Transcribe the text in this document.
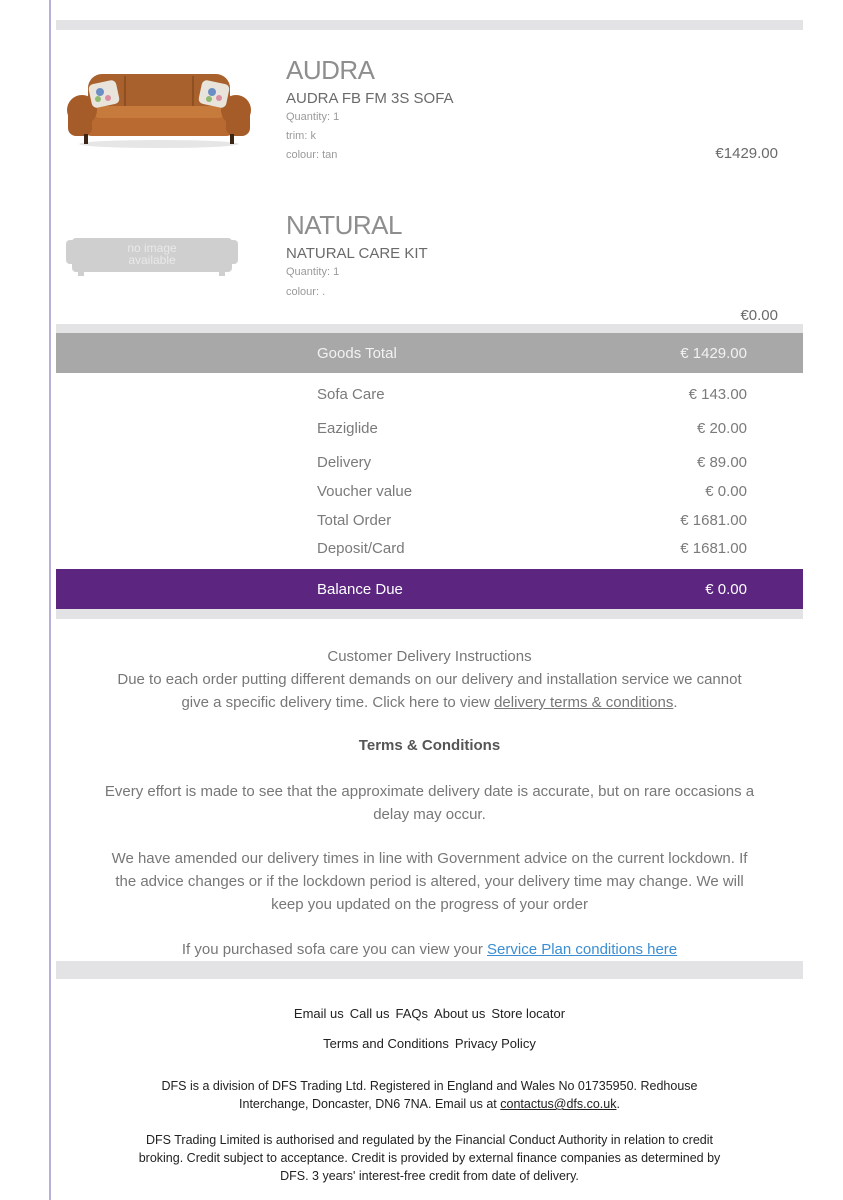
AUDRA
AUDRA FB FM 3S SOFA
Quantity: 1
trim: k
colour: tan	€1429.00
no image
available
NATURAL
NATURAL CARE KIT
Quantity: 1
colour: .
€0.00
Goods Total	€ 1429.00
Sofa Care	€ 143.00
Eaziglide	€ 20.00
Delivery	€ 89.00
Voucher value	€ 0.00
Total Order	€ 1681.00
Deposit/Card	€ 1681.00
Balance Due	€ 0.00
Customer Delivery Instructions
Due to each order putting different demands on our delivery and installation service we cannot
give a specific delivery time. Click here to view delivery terms & conditions.
Terms & Conditions
Every effort is made to see that the approximate delivery date is accurate, but on rare occasions a
delay may occur.
We have amended our delivery times in line with Government advice on the current lockdown. If
the advice changes or if the lockdown period is altered, your delivery time may change. We will
keep you updated on the progress of your order
If you purchased sofa care you can view your Service Plan conditions here
Email us Call us FAQs About us Store locator
Terms and Conditions Privacy Policy
DFS is a division of DFS Trading Ltd. Registered in England and Wales No 01735950. Redhouse
Interchange, Doncaster, DN6 7NA. Email us at contactus@dfs.co.uk.
DFS Trading Limited is authorised and regulated by the Financial Conduct Authority in relation to credit
broking. Credit subject to acceptance. Credit is provided by external finance companies as determined by
DFS. 3 years' interest-free credit from date of delivery.
